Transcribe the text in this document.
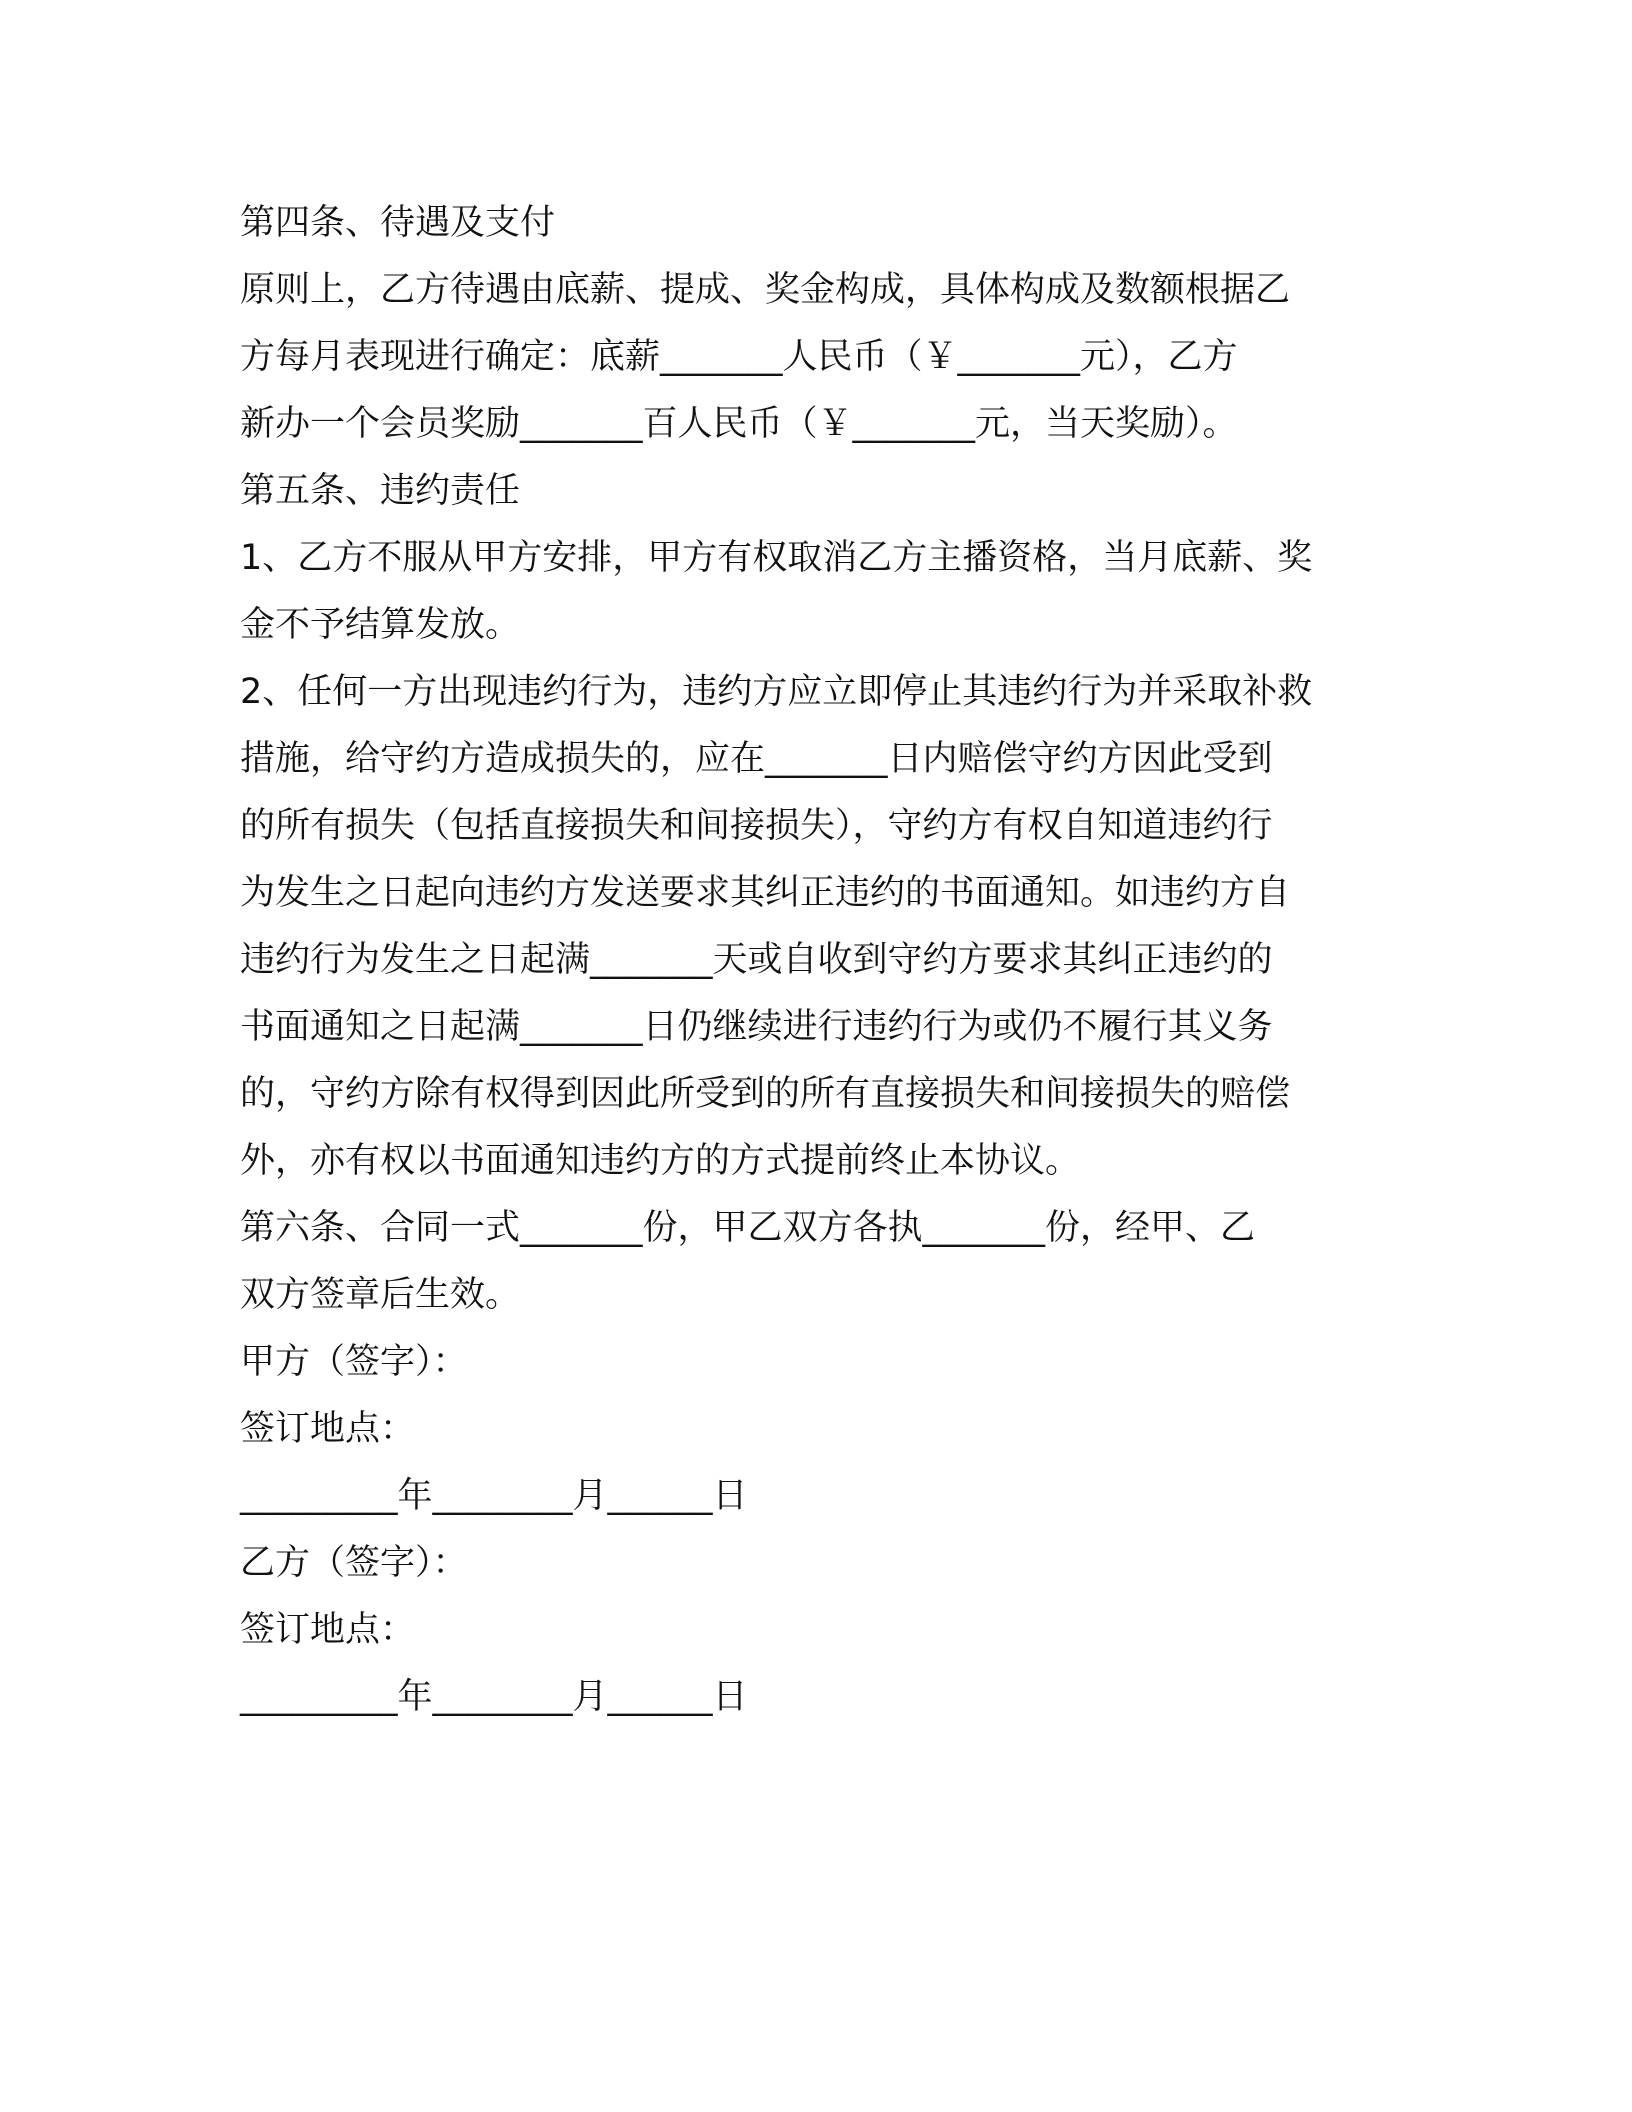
第四条、待遇及支付
原则上，乙方待遇由底薪、提成、奖金构成，具体构成及数额根据乙
方每月表现进行确定：底薪_______人民币（￥_______元），乙方
新办一个会员奖励_______百人民币（￥_______元，当天奖励）。
第五条、违约责任
1、乙方不服从甲方安排，甲方有权取消乙方主播资格，当月底薪、奖
金不予结算发放。
2、任何一方出现违约行为，违约方应立即停止其违约行为并采取补救
措施，给守约方造成损失的，应在_______日内赔偿守约方因此受到
的所有损失（包括直接损失和间接损失），守约方有权自知道违约行
为发生之日起向违约方发送要求其纠正违约的书面通知。如违约方自
违约行为发生之日起满_______天或自收到守约方要求其纠正违约的
书面通知之日起满_______日仍继续进行违约行为或仍不履行其义务
的，守约方除有权得到因此所受到的所有直接损失和间接损失的赔偿
外，亦有权以书面通知违约方的方式提前终止本协议。
第六条、合同一式_______份，甲乙双方各执_______份，经甲、乙
双方签章后生效。
甲方（签字）：
签订地点：
_________年________月______日
乙方（签字）：
签订地点：
_________年________月______日
